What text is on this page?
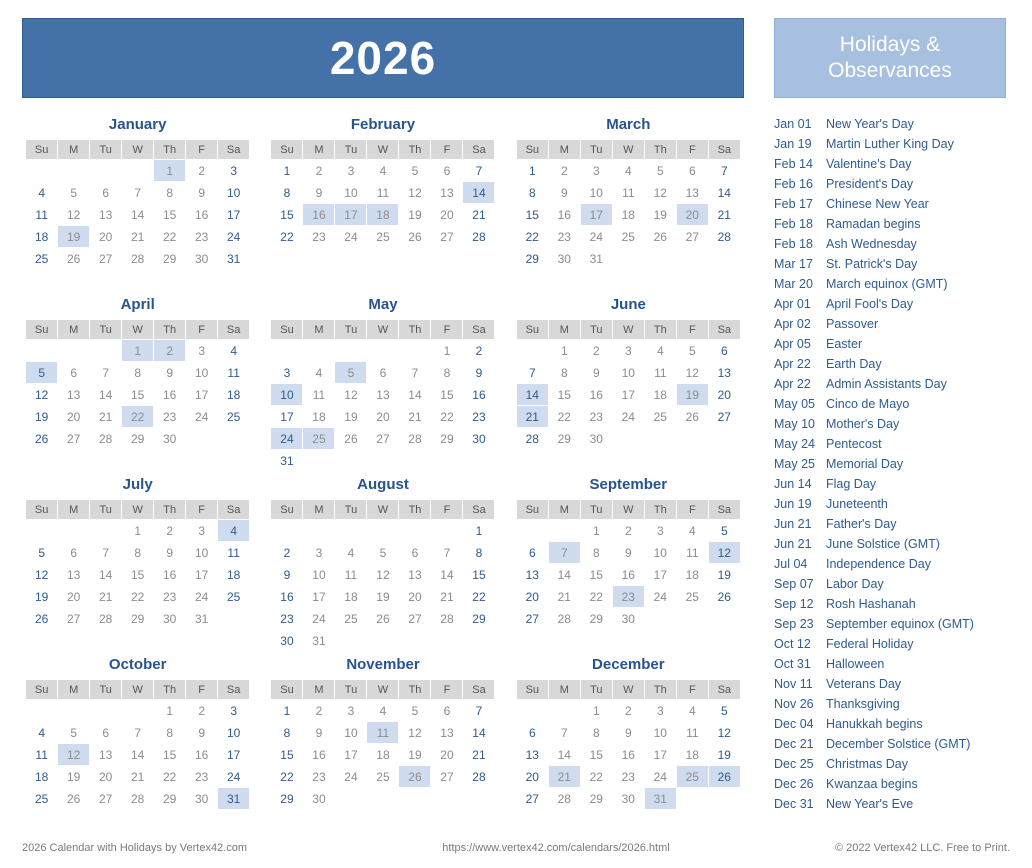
2026
January
Su	M	Tu	W	Th	F	Sa
				1	2	3
4	5	6	7	8	9	10
11	12	13	14	15	16	17
18	19	20	21	22	23	24
25	26	27	28	29	30	31
February
Su	M	Tu	W	Th	F	Sa
1	2	3	4	5	6	7
8	9	10	11	12	13	14
15	16	17	18	19	20	21
22	23	24	25	26	27	28
March
Su	M	Tu	W	Th	F	Sa
1	2	3	4	5	6	7
8	9	10	11	12	13	14
15	16	17	18	19	20	21
22	23	24	25	26	27	28
29	30	31				
April
Su	M	Tu	W	Th	F	Sa
			1	2	3	4
5	6	7	8	9	10	11
12	13	14	15	16	17	18
19	20	21	22	23	24	25
26	27	28	29	30		
May
Su	M	Tu	W	Th	F	Sa
					1	2
3	4	5	6	7	8	9
10	11	12	13	14	15	16
17	18	19	20	21	22	23
24	25	26	27	28	29	30
31						
June
Su	M	Tu	W	Th	F	Sa
	1	2	3	4	5	6
7	8	9	10	11	12	13
14	15	16	17	18	19	20
21	22	23	24	25	26	27
28	29	30				
July
Su	M	Tu	W	Th	F	Sa
			1	2	3	4
5	6	7	8	9	10	11
12	13	14	15	16	17	18
19	20	21	22	23	24	25
26	27	28	29	30	31	
August
Su	M	Tu	W	Th	F	Sa
						1
2	3	4	5	6	7	8
9	10	11	12	13	14	15
16	17	18	19	20	21	22
23	24	25	26	27	28	29
30	31					
September
Su	M	Tu	W	Th	F	Sa
		1	2	3	4	5
6	7	8	9	10	11	12
13	14	15	16	17	18	19
20	21	22	23	24	25	26
27	28	29	30			
October
Su	M	Tu	W	Th	F	Sa
				1	2	3
4	5	6	7	8	9	10
11	12	13	14	15	16	17
18	19	20	21	22	23	24
25	26	27	28	29	30	31
November
Su	M	Tu	W	Th	F	Sa
1	2	3	4	5	6	7
8	9	10	11	12	13	14
15	16	17	18	19	20	21
22	23	24	25	26	27	28
29	30					
December
Su	M	Tu	W	Th	F	Sa
		1	2	3	4	5
6	7	8	9	10	11	12
13	14	15	16	17	18	19
20	21	22	23	24	25	26
27	28	29	30	31		
Holidays &
Observances
Jan 01	New Year's Day
Jan 19	Martin Luther King Day
Feb 14	Valentine's Day
Feb 16	President's Day
Feb 17	Chinese New Year
Feb 18	Ramadan begins
Feb 18	Ash Wednesday
Mar 17	St. Patrick's Day
Mar 20	March equinox (GMT)
Apr 01	April Fool's Day
Apr 02	Passover
Apr 05	Easter
Apr 22	Earth Day
Apr 22	Admin Assistants Day
May 05 Cinco de Mayo
May 10 Mother's Day
May 24 Pentecost
May 25 Memorial Day
Jun 14	Flag Day
Jun 19	Juneteenth
Jun 21	Father's Day
Jun 21	June Solstice (GMT)
Jul 04	Independence Day
Sep 07 Labor Day
Sep 12 Rosh Hashanah
Sep 23 September equinox (GMT)
Oct 12	Federal Holiday
Oct 31	Halloween
Nov 11	Veterans Day
Nov 26 Thanksgiving
Dec 04 Hanukkah begins
Dec 21 December Solstice (GMT)
Dec 25 Christmas Day
Dec 26 Kwanzaa begins
Dec 31 New Year's Eve
2026 Calendar with Holidays by Vertex42.com	https://www.vertex42.com/calendars/2026.html	© 2022 Vertex42 LLC. Free to Print.
